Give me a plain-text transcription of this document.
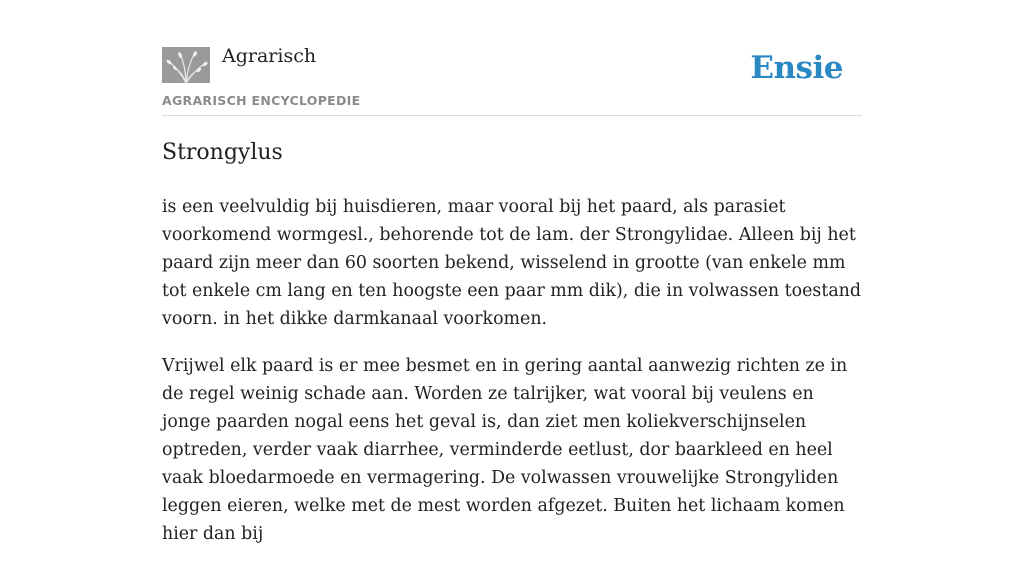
Agrarisch
AGRARISCH ENCYCLOPEDIE
Ensie
Strongylus

is een veelvuldig bij huisdieren, maar vooral bij het paard, als parasiet voorkomend wormgesl., behorende tot de lam. der Strongylidae. Alleen bij het paard zijn meer dan 60 soorten bekend, wisselend in grootte (van enkele mm tot enkele cm lang en ten hoogste een paar mm dik), die in volwassen toestand voorn. in het dikke darmkanaal voorkomen.

Vrijwel elk paard is er mee besmet en in gering aantal aanwezig richten ze in de regel weinig schade aan. Worden ze talrijker, wat vooral bij veulens en jonge paarden nogal eens het geval is, dan ziet men koliekverschijnselen optreden, verder vaak diarrhee, verminderde eetlust, dor baarkleed en heel vaak bloedarmoede en vermagering. De volwassen vrouwelijke Strongyliden leggen eieren, welke met de mest worden afgezet. Buiten het lichaam komen hier dan bij
